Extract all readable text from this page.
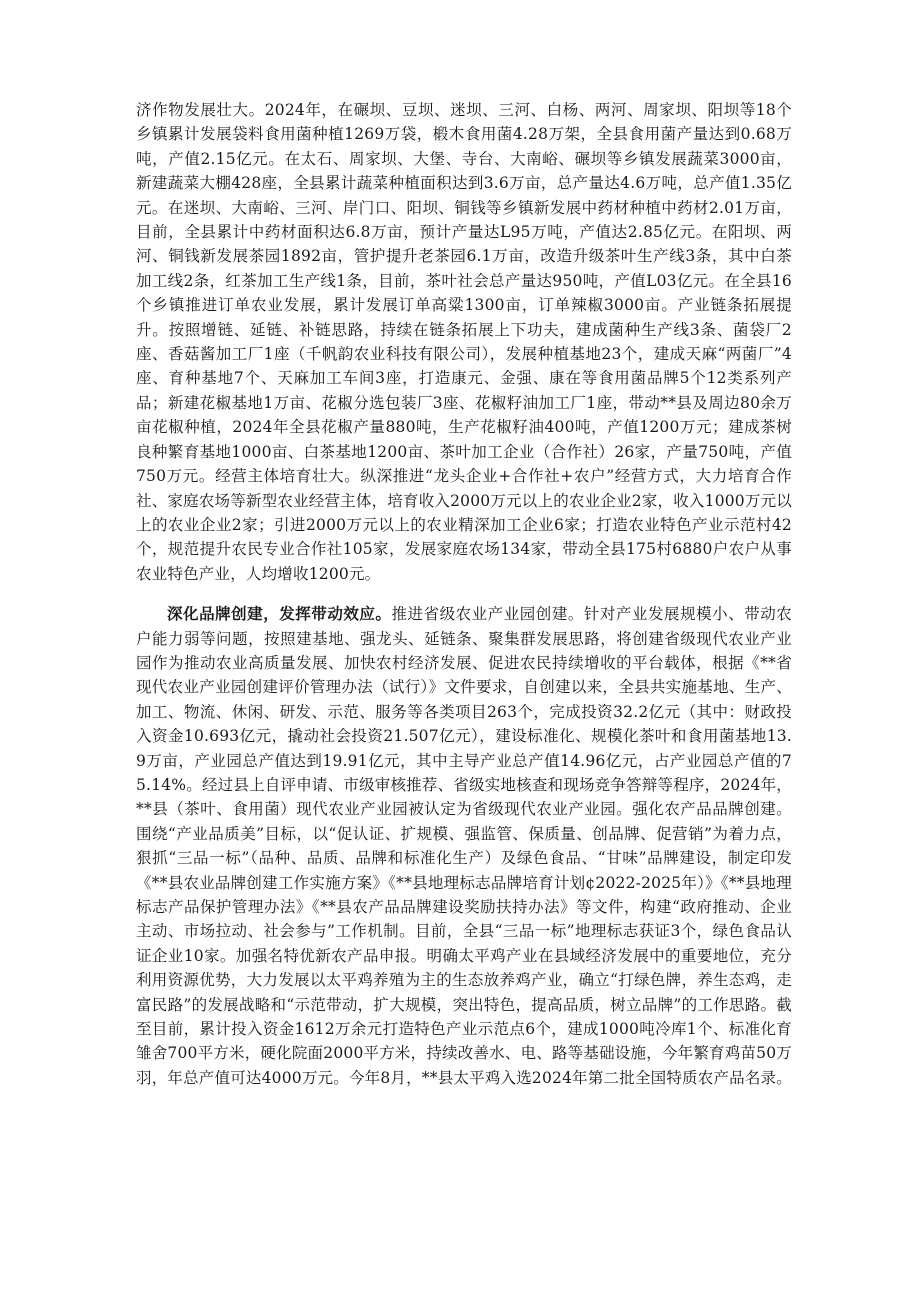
济作物发展壮大。2024年，在碾坝、豆坝、迷坝、三河、白杨、两河、周家坝、阳坝等18个乡镇累计发展袋料食用菌种植1269万袋，椴木食用菌4.28万架，全县食用菌产量达到0.68万吨，产值2.15亿元。在太石、周家坝、大堡、寺台、大南峪、碾坝等乡镇发展蔬菜3000亩，新建蔬菜大棚428座，全县累计蔬菜种植面积达到3.6万亩，总产量达4.6万吨，总产值1.35亿元。在迷坝、大南峪、三河、岸门口、阳坝、铜钱等乡镇新发展中药材种植中药材2.01万亩，目前，全县累计中药材面积达6.8万亩，预计产量达L95万吨，产值达2.85亿元。在阳坝、两河、铜钱新发展茶园1892亩，管护提升老茶园6.1万亩，改造升级茶叶生产线3条，其中白茶加工线2条，红茶加工生产线1条，目前，茶叶社会总产量达950吨，产值L03亿元。在全县16个乡镇推进订单农业发展，累计发展订单高粱1300亩，订单辣椒3000亩。产业链条拓展提升。按照增链、延链、补链思路，持续在链条拓展上下功夫，建成菌种生产线3条、菌袋厂2座、香菇酱加工厂1座（千帆韵农业科技有限公司），发展种植基地23个，建成天麻“两菌厂”4座、育种基地7个、天麻加工车间3座，打造康元、金强、康在等食用菌品牌5个12类系列产品；新建花椒基地1万亩、花椒分选包装厂3座、花椒籽油加工厂1座，带动**县及周边80余万亩花椒种植，2024年全县花椒产量880吨，生产花椒籽油400吨，产值1200万元；建成茶树良种繁育基地1000亩、白茶基地1200亩、茶叶加工企业（合作社）26家，产量750吨，产值750万元。经营主体培育壮大。纵深推进“龙头企业+合作社+农户”经营方式，大力培育合作社、家庭农场等新型农业经营主体，培育收入2000万元以上的农业企业2家，收入1000万元以上的农业企业2家；引进2000万元以上的农业精深加工企业6家；打造农业特色产业示范村42个，规范提升农民专业合作社105家，发展家庭农场134家，带动全县175村6880户农户从事农业特色产业，人均增收1200元。

深化品牌创建，发挥带动效应。推进省级农业产业园创建。针对产业发展规模小、带动农户能力弱等问题，按照建基地、强龙头、延链条、聚集群发展思路，将创建省级现代农业产业园作为推动农业高质量发展、加快农村经济发展、促进农民持续增收的平台载体，根据《**省现代农业产业园创建评价管理办法（试行）》文件要求，自创建以来，全县共实施基地、生产、加工、物流、休闲、研发、示范、服务等各类项目263个，完成投资32.2亿元（其中：财政投入资金10.693亿元，撬动社会投资21.507亿元），建设标准化、规模化茶叶和食用菌基地13.9万亩，产业园总产值达到19.91亿元，其中主导产业总产值14.96亿元，占产业园总产值的75.14%。经过县上自评申请、市级审核推荐、省级实地核查和现场竞争答辩等程序，2024年，**县（茶叶、食用菌）现代农业产业园被认定为省级现代农业产业园。强化农产品品牌创建。围绕“产业品质美”目标，以“促认证、扩规模、强监管、保质量、创品牌、促营销”为着力点，狠抓“三品一标”（品种、品质、品牌和标准化生产）及绿色食品、“甘味”品牌建设，制定印发《**县农业品牌创建工作实施方案》《**县地理标志品牌培育计划¢2022-2025年）》《**县地理标志产品保护管理办法》《**县农产品品牌建设奖励扶持办法》等文件，构建“政府推动、企业主动、市场拉动、社会参与”工作机制。目前，全县“三品一标”地理标志获证3个，绿色食品认证企业10家。加强名特优新农产品申报。明确太平鸡产业在县域经济发展中的重要地位，充分利用资源优势，大力发展以太平鸡养殖为主的生态放养鸡产业，确立“打绿色牌，养生态鸡，走富民路”的发展战略和“示范带动，扩大规模，突出特色，提高品质，树立品牌”的工作思路。截至目前，累计投入资金1612万余元打造特色产业示范点6个，建成1000吨冷库1个、标准化育雏舍700平方米，硬化院面2000平方米，持续改善水、电、路等基础设施，今年繁育鸡苗50万羽，年总产值可达4000万元。今年8月，**县太平鸡入选2024年第二批全国特质农产品名录。
